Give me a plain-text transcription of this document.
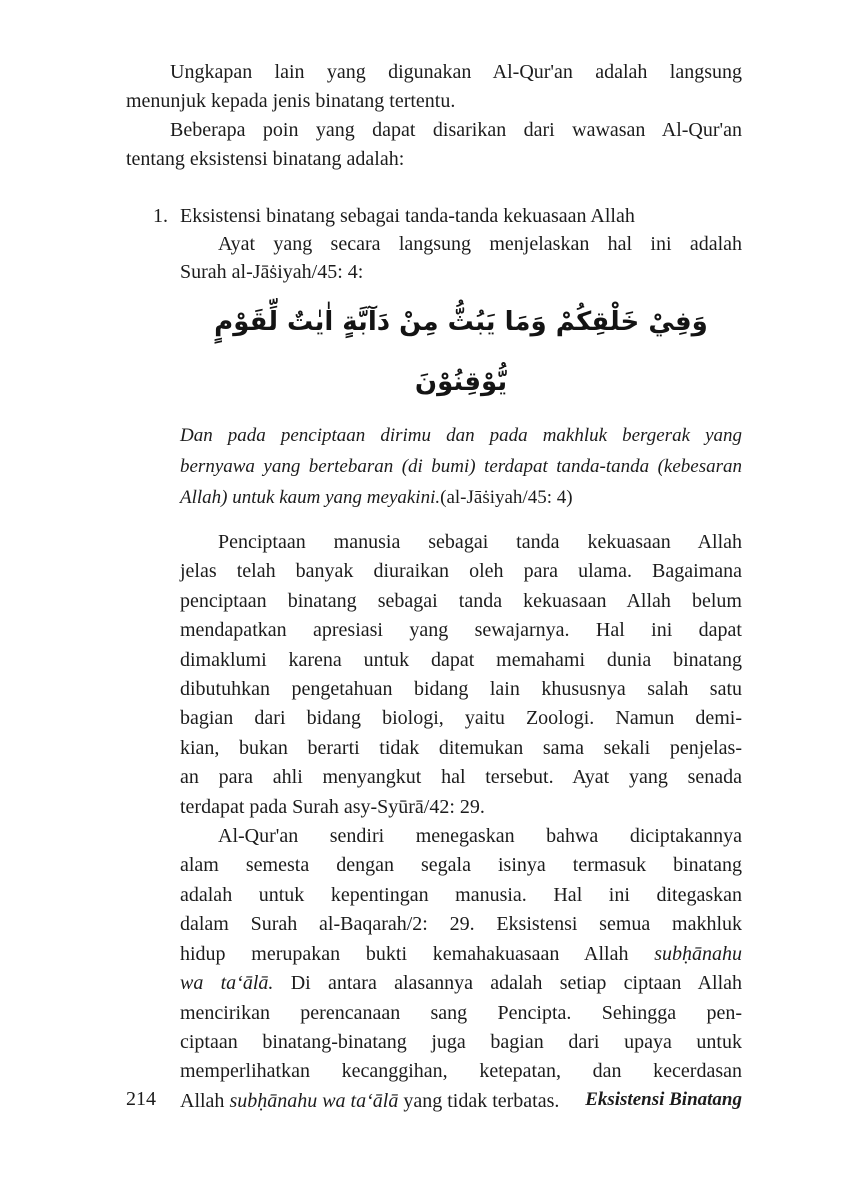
Ungkapan lain yang digunakan Al-Qur'an adalah langsung
menunjuk kepada jenis binatang tertentu.
Beberapa poin yang dapat disarikan dari wawasan Al-Qur'an
tentang eksistensi binatang adalah:
1. Eksistensi binatang sebagai tanda-tanda kekuasaan Allah
Ayat yang secara langsung menjelaskan hal ini adalah
Surah al-Jāṡiyah/45: 4:
وَفِيْ خَلْقِكُمْ وَمَا يَبُثُّ مِنْ دَآبَّةٍ اٰيٰتٌ لِّقَوْمٍ يُّوْقِنُوْنَ
Dan pada penciptaan dirimu dan pada makhluk bergerak yang
bernyawa yang bertebaran (di bumi) terdapat tanda-tanda (kebesaran
Allah) untuk kaum yang meyakini.(al-Jāṡiyah/45: 4)
Penciptaan manusia sebagai tanda kekuasaan Allah
jelas telah banyak diuraikan oleh para ulama. Bagaimana
penciptaan binatang sebagai tanda kekuasaan Allah belum
mendapatkan apresiasi yang sewajarnya. Hal ini dapat
dimaklumi karena untuk dapat memahami dunia binatang
dibutuhkan pengetahuan bidang lain khususnya salah satu
bagian dari bidang biologi, yaitu Zoologi. Namun demi-
kian, bukan berarti tidak ditemukan sama sekali penjelas-
an para ahli menyangkut hal tersebut. Ayat yang senada
terdapat pada Surah asy-Syūrā/42: 29.
Al-Qur'an sendiri menegaskan bahwa diciptakannya
alam semesta dengan segala isinya termasuk binatang
adalah untuk kepentingan manusia. Hal ini ditegaskan
dalam Surah al-Baqarah/2: 29. Eksistensi semua makhluk
hidup merupakan bukti kemahakuasaan Allah subḥānahu
wa ta‘ālā. Di antara alasannya adalah setiap ciptaan Allah
mencirikan perencanaan sang Pencipta. Sehingga pen-
ciptaan binatang-binatang juga bagian dari upaya untuk
memperlihatkan kecanggihan, ketepatan, dan kecerdasan
Allah subḥānahu wa ta‘ālā yang tidak terbatas.
214	Eksistensi Binatang
